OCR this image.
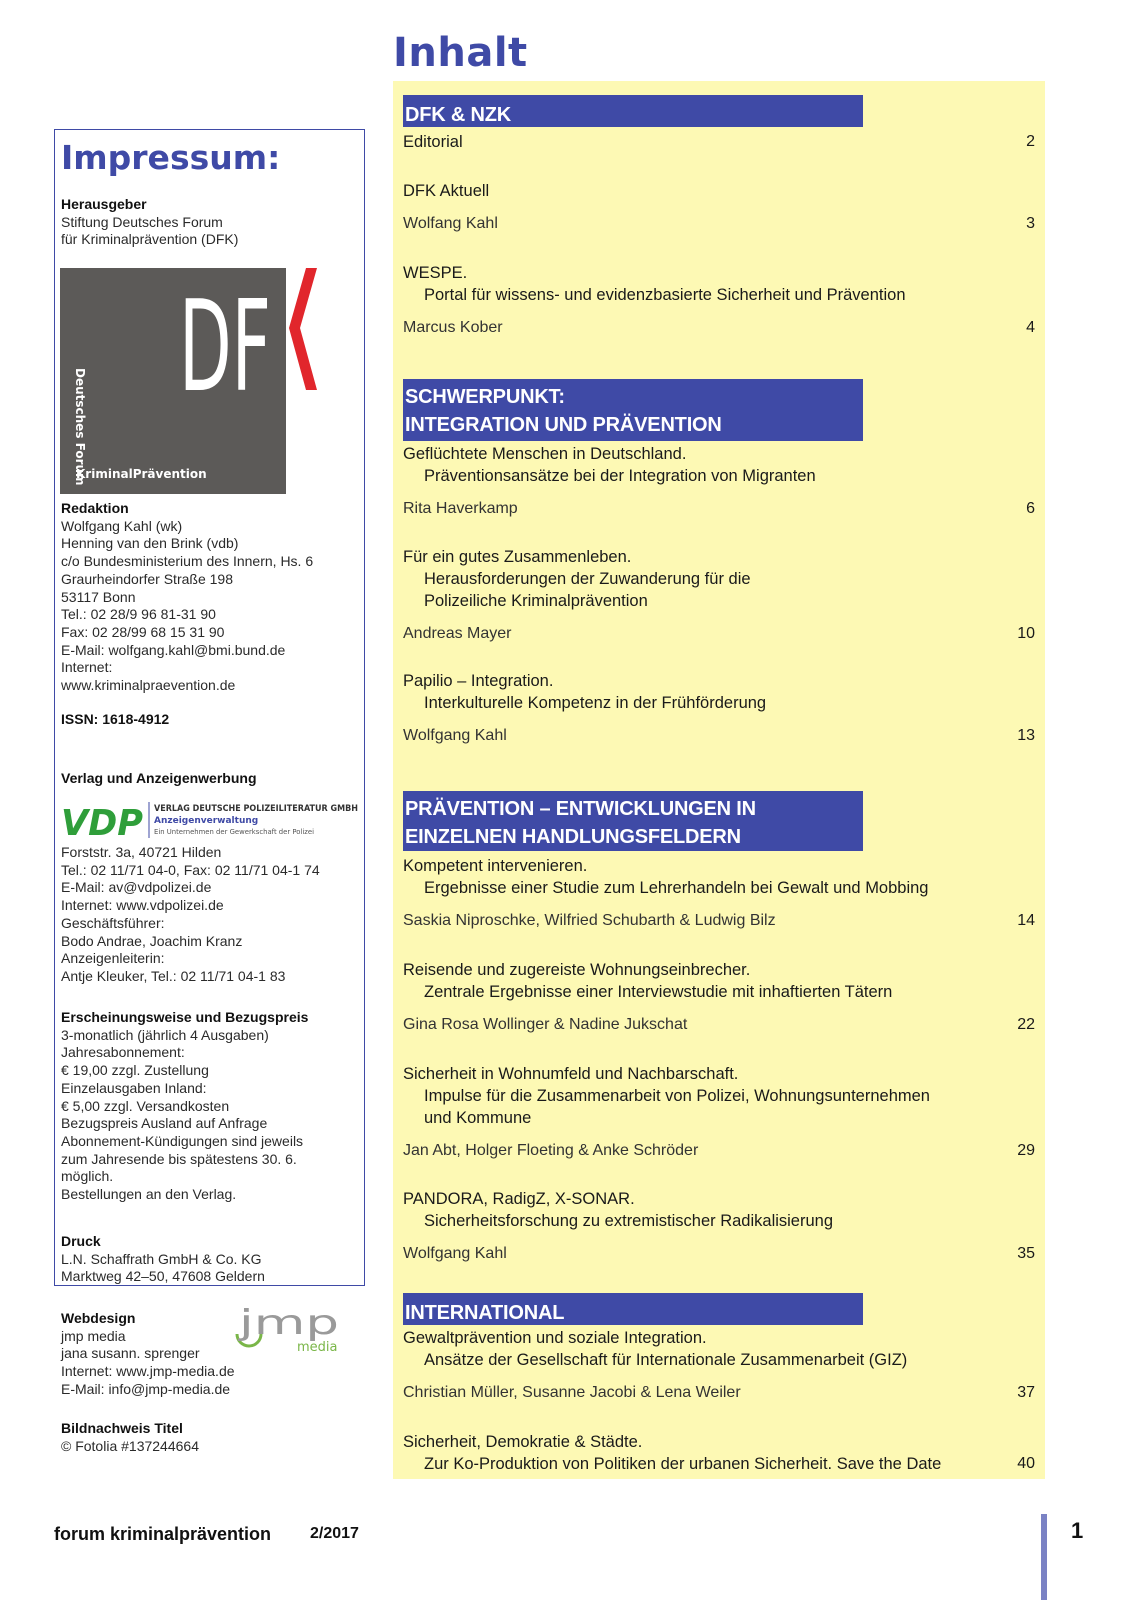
Inhalt
Impressum:
Herausgeber
Stiftung Deutsches Forum
für Kriminalprävention (DFK)
DF
KriminalPrävention
Deutsches Forum
Redaktion
Wolfgang Kahl (wk)
Henning van den Brink (vdb)
c/o Bundesministerium des Innern, Hs. 6
Graurheindorfer Straße 198
53117 Bonn
Tel.: 02 28/9 96 81-31 90
Fax: 02 28/99 68 15 31 90
E-Mail: wolfgang.kahl@bmi.bund.de
Internet:
www.kriminalpraevention.de
ISSN: 1618-4912
Verlag und Anzeigenwerbung
VDP VERLAG DEUTSCHE POLIZEILITERATUR GMBH
Anzeigenverwaltung
Ein Unternehmen der Gewerkschaft der Polizei
Forststr. 3a, 40721 Hilden
Tel.: 02 11/71 04-0, Fax: 02 11/71 04-1 74
E-Mail: av@vdpolizei.de
Internet: www.vdpolizei.de
Geschäftsführer:
Bodo Andrae, Joachim Kranz
Anzeigenleiterin:
Antje Kleuker, Tel.: 02 11/71 04-1 83
Erscheinungsweise und Bezugspreis
3-monatlich (jährlich 4 Ausgaben)
Jahresabonnement:
€ 19,00 zzgl. Zustellung
Einzelausgaben Inland:
€ 5,00 zzgl. Versandkosten
Bezugspreis Ausland auf Anfrage
Abonnement-Kündigungen sind jeweils
zum Jahresende bis spätestens 30. 6.
möglich.
Bestellungen an den Verlag.
Druck
L.N. Schaffrath GmbH & Co. KG
Marktweg 42–50, 47608 Geldern
Webdesign
jmp media
jana susann. sprenger
Internet: www.jmp-media.de
E-Mail: info@jmp-media.de
jmp
media
Bildnachweis Titel
© Fotolia #137244664
DFK & NZK
Editorial	2
DFK Aktuell
Wolfang Kahl	3
WESPE.
Portal für wissens- und evidenzbasierte Sicherheit und Prävention
Marcus Kober	4
SCHWERPUNKT:
INTEGRATION UND PRÄVENTION
Geflüchtete Menschen in Deutschland.
Präventionsansätze bei der Integration von Migranten
Rita Haverkamp	6
Für ein gutes Zusammenleben.
Herausforderungen der Zuwanderung für die
Polizeiliche Kriminalprävention
Andreas Mayer	10
Papilio – Integration.
Interkulturelle Kompetenz in der Frühförderung
Wolfgang Kahl	13
PRÄVENTION – ENTWICKLUNGEN IN
EINZELNEN HANDLUNGSFELDERN
Kompetent intervenieren.
Ergebnisse einer Studie zum Lehrerhandeln bei Gewalt und Mobbing
Saskia Niproschke, Wilfried Schubarth & Ludwig Bilz	14
Reisende und zugereiste Wohnungseinbrecher.
Zentrale Ergebnisse einer Interviewstudie mit inhaftierten Tätern
Gina Rosa Wollinger & Nadine Jukschat	22
Sicherheit in Wohnumfeld und Nachbarschaft.
Impulse für die Zusammenarbeit von Polizei, Wohnungsunternehmen
und Kommune
Jan Abt, Holger Floeting & Anke Schröder	29
PANDORA, RadigZ, X-SONAR.
Sicherheitsforschung zu extremistischer Radikalisierung
Wolfgang Kahl	35
INTERNATIONAL
Gewaltprävention und soziale Integration.
Ansätze der Gesellschaft für Internationale Zusammenarbeit (GIZ)
Christian Müller, Susanne Jacobi & Lena Weiler	37
Sicherheit, Demokratie & Städte.
Zur Ko-Produktion von Politiken der urbanen Sicherheit. Save the Date	40
forum kriminalprävention 2/2017	1
